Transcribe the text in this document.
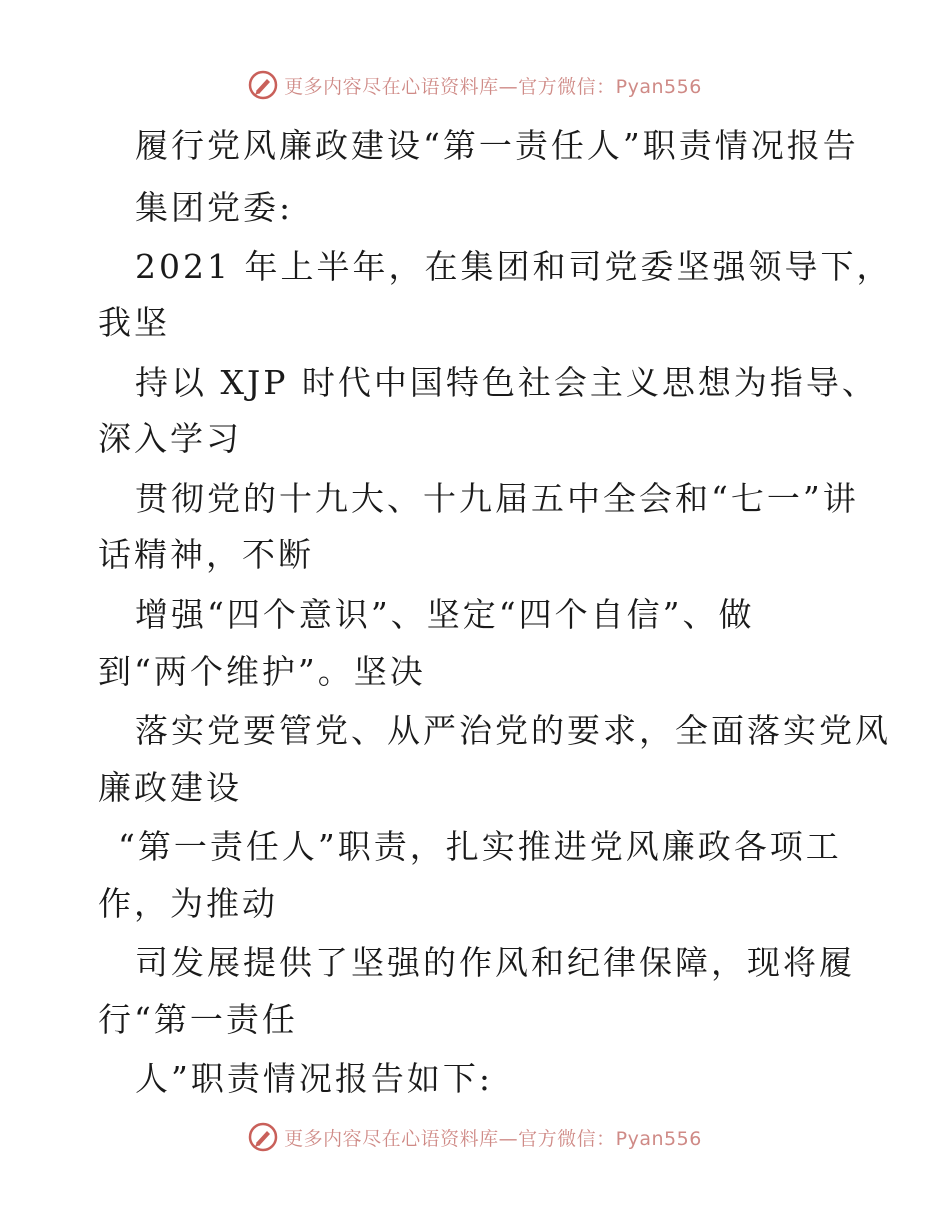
更多内容尽在心语资料库—官方微信：Pyan556
履行党风廉政建设“第一责任人”职责情况报告
集团党委:
2021 年上半年，在集团和司党委坚强领导下，
我坚
持以 XJP 时代中国特色社会主义思想为指导、
深入学习
贯彻党的十九大、十九届五中全会和“七一”讲
话精神，不断
增强“四个意识”、坚定“四个自信”、做
到“两个维护”。坚决
落实党要管党、从严治党的要求，全面落实党风
廉政建设
“第一责任人”职责，扎实推进党风廉政各项工
作，为推动
司发展提供了坚强的作风和纪律保障，现将履
行“第一责任
人”职责情况报告如下:
更多内容尽在心语资料库—官方微信：Pyan556
